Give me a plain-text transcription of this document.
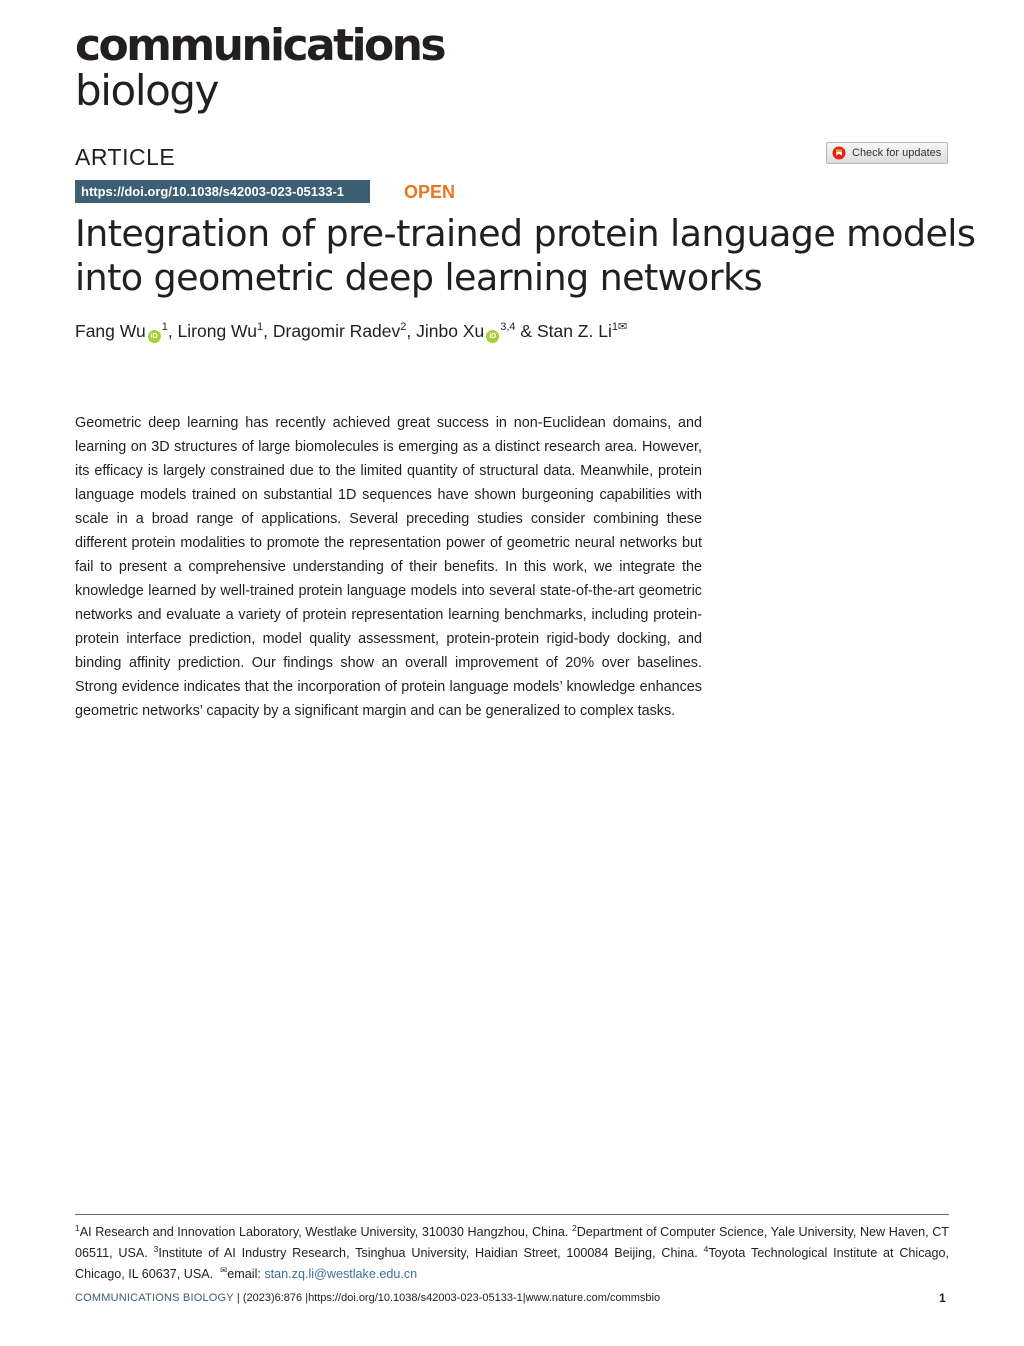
communications
biology
ARTICLE	Check for updates
https://doi.org/10.1038/s42003-023-05133-1	OPEN
Integration of pre-trained protein language models
into geometric deep learning networks
Fang Wu $iD^1$, Lirong Wu$^1$, Dragomir Radev$^2$, Jinbo Xu iD$^{3,4}$ & Stan Z. $Li^{1✉}$

Geometric deep learning has recently achieved great success in non-Euclidean domains, and learning on 3D structures of large biomolecules is emerging as a distinct research area. However, its efficacy is largely constrained due to the limited quantity of structural data. Meanwhile, protein language models trained on substantial 1D sequences have shown burgeoning capabilities with scale in a broad range of applications. Several preceding studies consider combining these different protein modalities to promote the representation power of geometric neural networks but fail to present a comprehensive understanding of their benefits. In this work, we integrate the knowledge learned by well-trained protein language models into several state-of-the-art geometric networks and evaluate a variety of protein representation learning benchmarks, including protein-protein interface prediction, model quality assessment, protein-protein rigid-body docking, and binding affinity prediction. Our findings show an overall improvement of 20% over baselines. Strong evidence indicates that the incorporation of protein language models’ knowledge enhances geometric networks’ capacity by a significant margin and can be generalized to complex tasks.

$^1$AI Research and Innovation Laboratory, Westlake University, 310030 Hangzhou, China. $^2$Department of Computer Science, Yale University, New Haven, CT 06511, USA. $^3$Institute of AI Industry Research, Tsinghua University, Haidian Street, 100084 Beijing, China. $^4$Toyota Technological Institute at Chicago, Chicago, IL 60637, USA. ✉email: stan.zq.li@westlake.edu.cn

COMMUNICATIONS BIOLOGY | (2023)6:876 |https://doi.org/10.1038/s42003-023-05133-1|www.nature.com/commsbio	1
